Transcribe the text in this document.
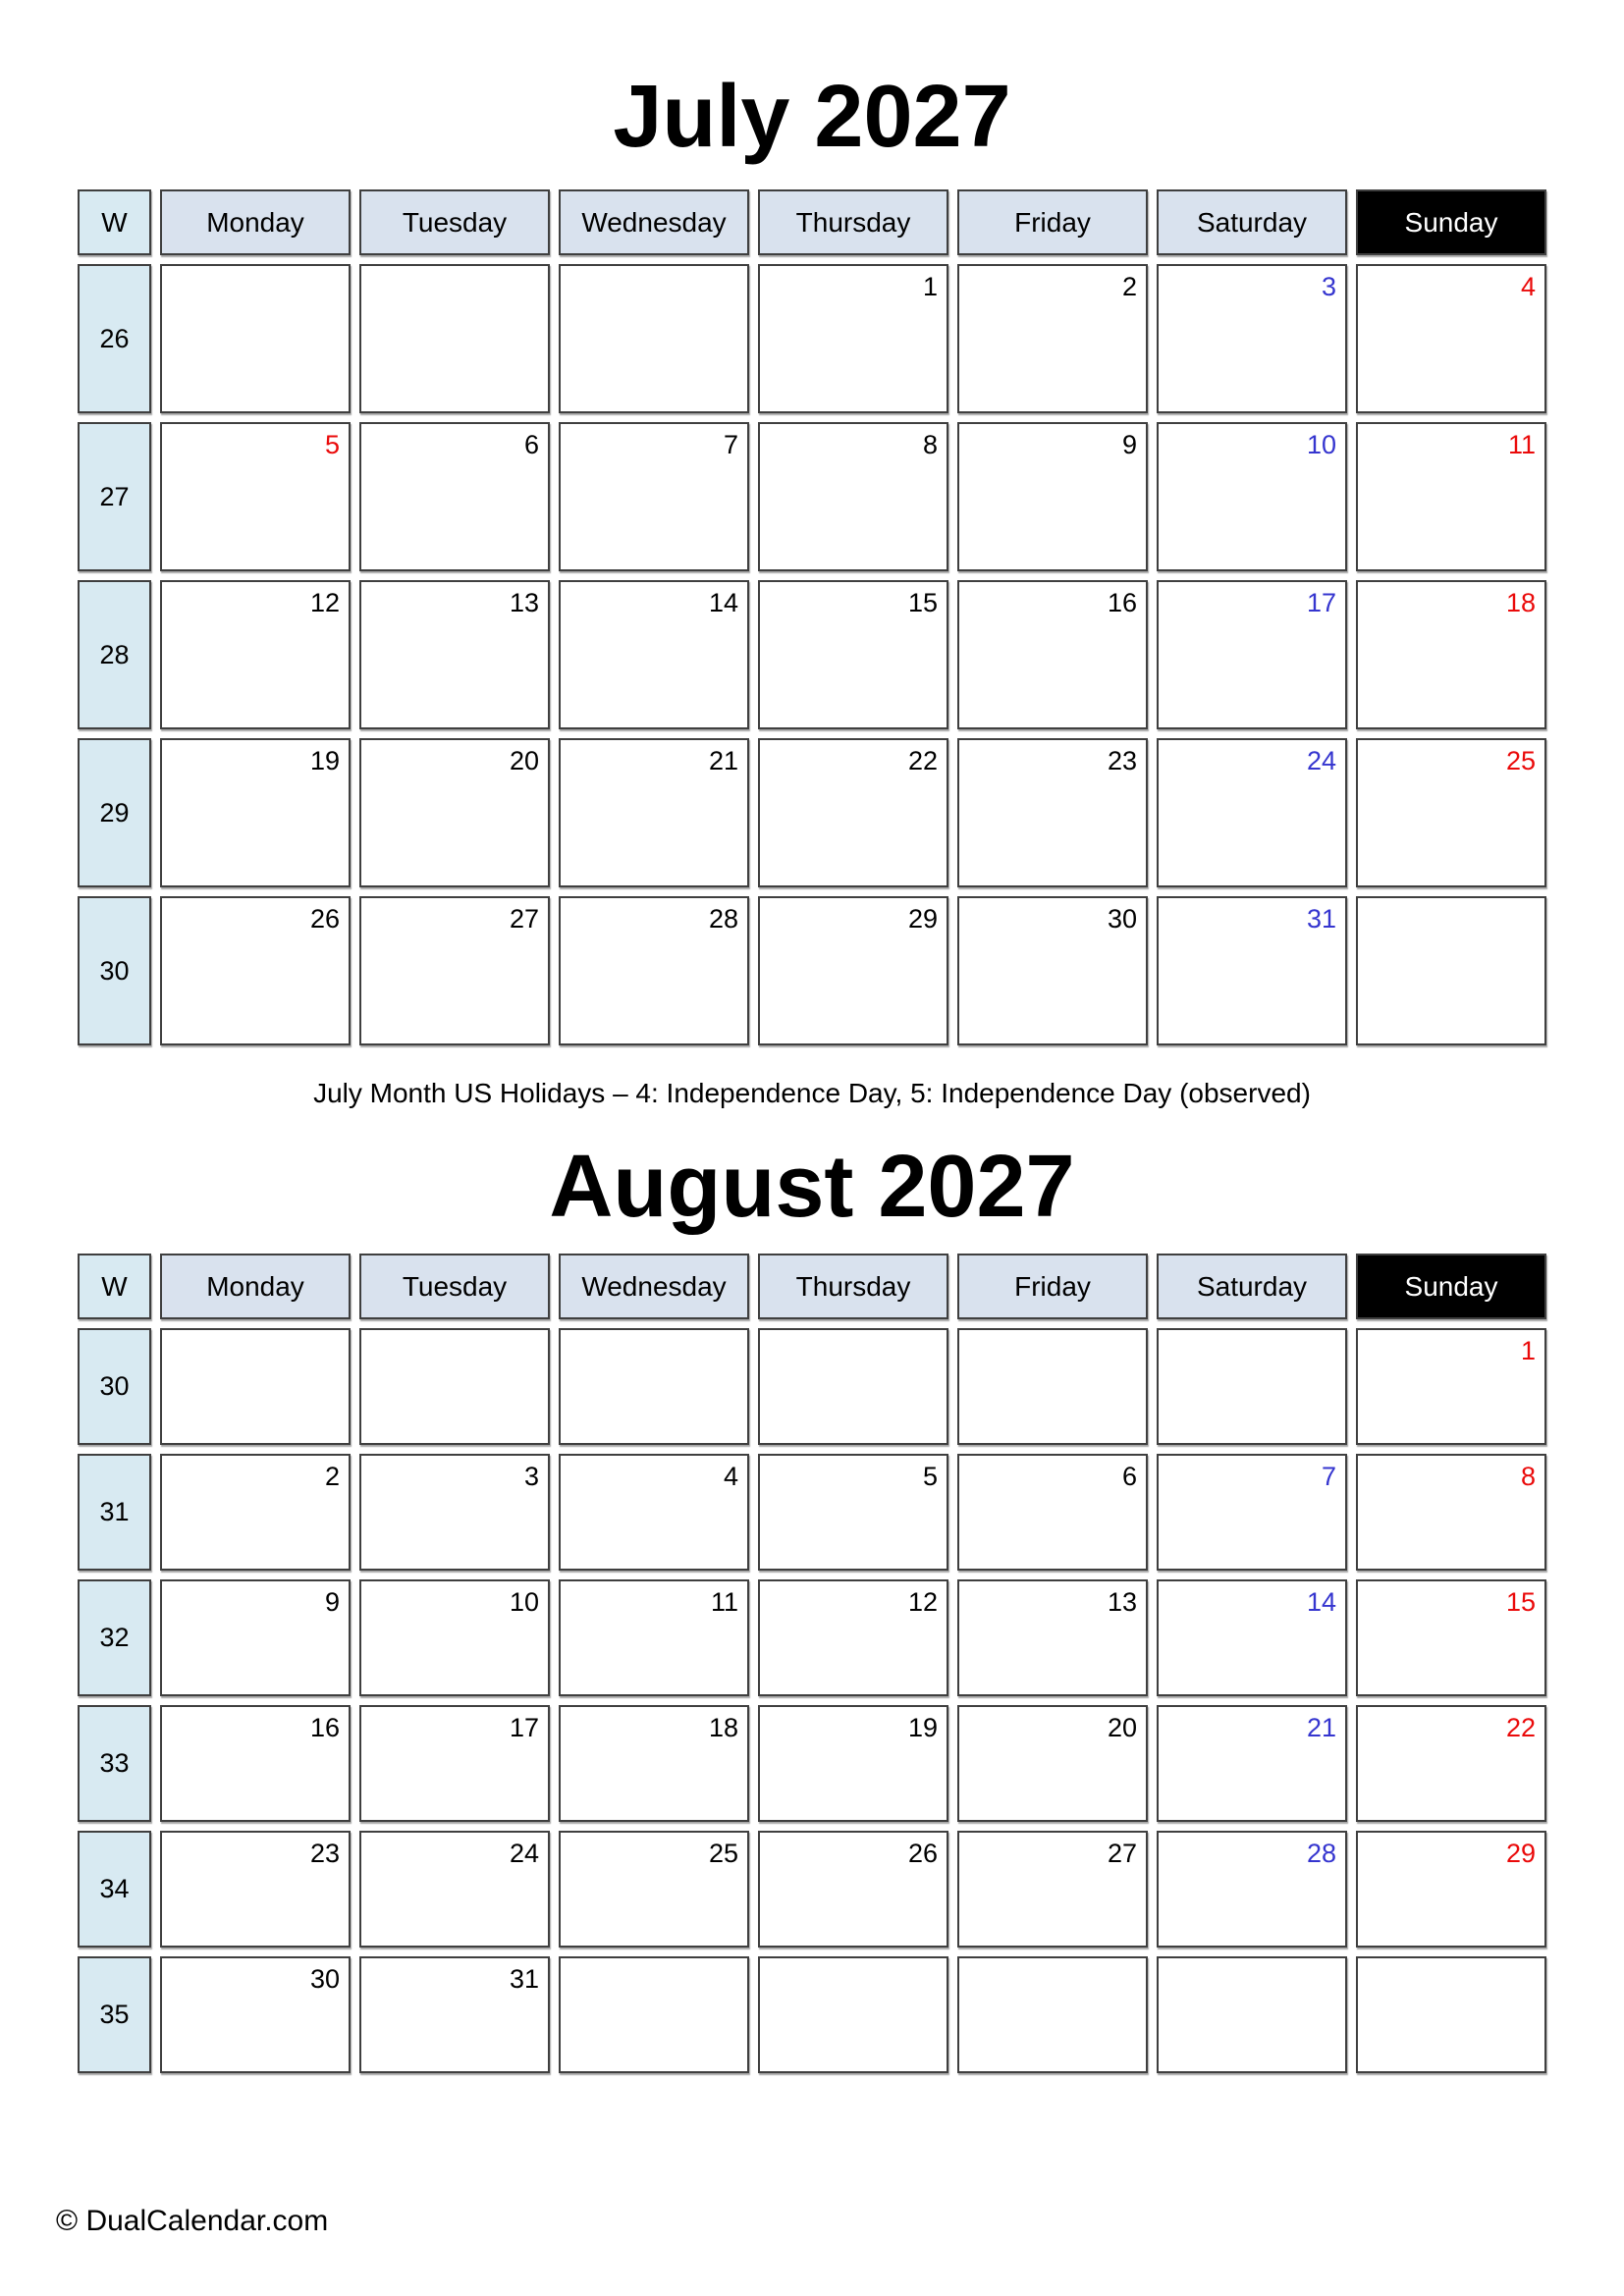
July 2027
W	Monday	Tuesday	Wednesday	Thursday	Friday	Saturday	Sunday
26				1	2	3	4
27	5	6	7	8	9	10	11
28	12	13	14	15	16	17	18
29	19	20	21	22	23	24	25
30	26	27	28	29	30	31	
July Month US Holidays – 4: Independence Day, 5: Independence Day (observed)
August 2027
W	Monday	Tuesday	Wednesday	Thursday	Friday	Saturday	Sunday
30							1
31	2	3	4	5	6	7	8
32	9	10	11	12	13	14	15
33	16	17	18	19	20	21	22
34	23	24	25	26	27	28	29
35	30	31					
© DualCalendar.com
